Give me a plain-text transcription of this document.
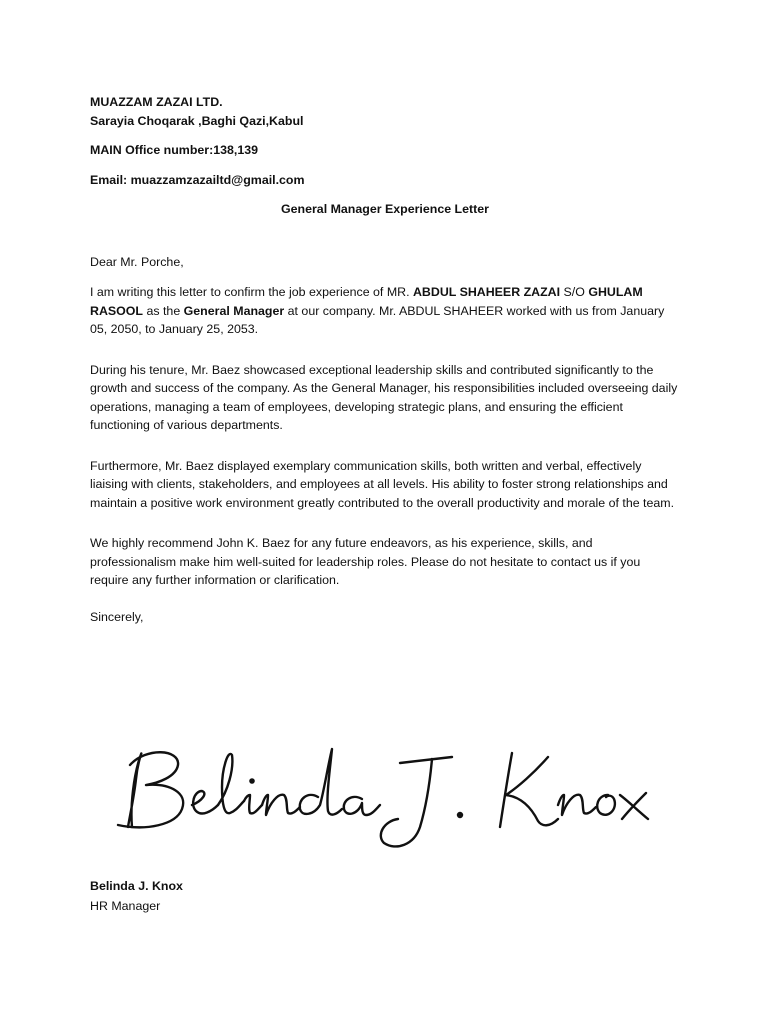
MUAZZAM ZAZAI LTD.
Sarayia Choqarak ,Baghi Qazi,Kabul
MAIN Office number:138,139
Email: muazzamzazailtd@gmail.com
General Manager Experience Letter

Dear Mr. Porche,

I am writing this letter to confirm the job experience of MR. ABDUL SHAHEER ZAZAI S/O GHULAM RASOOL as the General Manager at our company. Mr. ABDUL SHAHEER worked with us from January 05, 2050, to January 25, 2053.

During his tenure, Mr. Baez showcased exceptional leadership skills and contributed significantly to the growth and success of the company. As the General Manager, his responsibilities included overseeing daily operations, managing a team of employees, developing strategic plans, and ensuring the efficient functioning of various departments.

Furthermore, Mr. Baez displayed exemplary communication skills, both written and verbal, effectively liaising with clients, stakeholders, and employees at all levels. His ability to foster strong relationships and maintain a positive work environment greatly contributed to the overall productivity and morale of the team.

We highly recommend John K. Baez for any future endeavors, as his experience, skills, and professionalism make him well-suited for leadership roles. Please do not hesitate to contact us if you require any further information or clarification.

Sincerely,

Belinda J. Knox
HR Manager
